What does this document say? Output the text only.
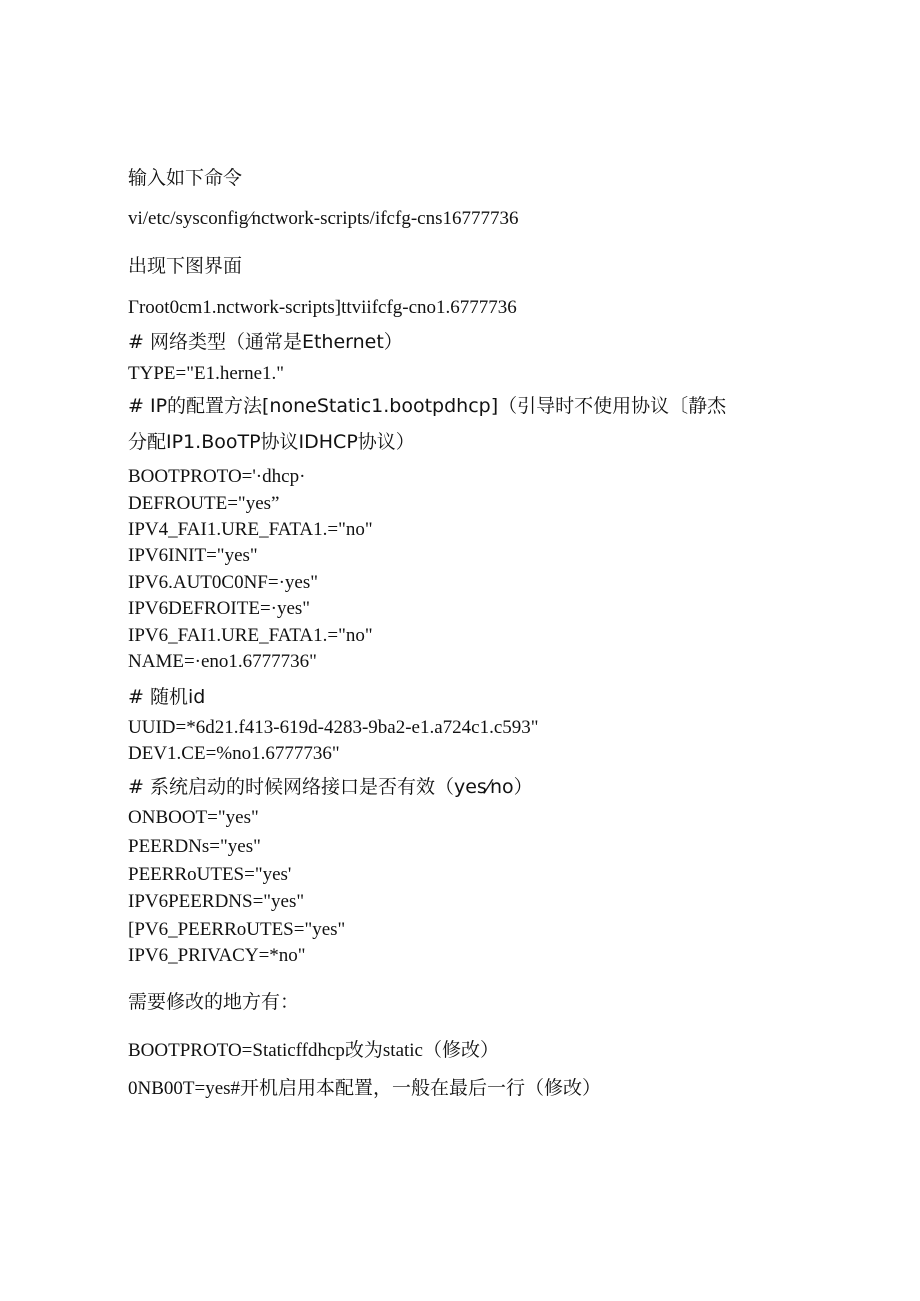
输入如下命令
vi/etc/sysconfig⁄nctwork-scripts/ifcfg-cns16777736
出现下图界面
Γroot0cm1.nctwork-scripts]ttviifcfg-cno1.6777736
# 网络类型（通常是Ethernet）
TYPE="E1.herne1."
# IP的配置方法[noneStatic1.bootpdhcp]（引导时不使用协议〔静杰
分配IP1.BooTP协议IDHCP协议）
BOOTPROTO='·dhcp·
DEFROUTE="yes”
IPV4_FAI1.URE_FATA1.="no"
IPV6INIT="yes"
IPV6.AUT0C0NF=·yes"
IPV6DEFROITE=·yes"
IPV6_FAI1.URE_FATA1.="no"
NAME=·eno1.6777736"
# 随机id
UUID=*6d21.f413-619d-4283-9ba2-e1.a724c1.c593"
DEV1.CE=%no1.6777736"
# 系统启动的时候网络接口是否有效（yes⁄no）
ONBOOT="yes"
PEERDNs="yes"
PEERRoUTES="yes'
IPV6PEERDNS="yes"
[PV6_PEERRoUTES="yes"
IPV6_PRIVACY=*no"
需要修改的地方有：
BOOTPROTO=Staticffdhcp改为static（修改）
0NB00T=yes#开机启用本配置，一般在最后一行（修改）
